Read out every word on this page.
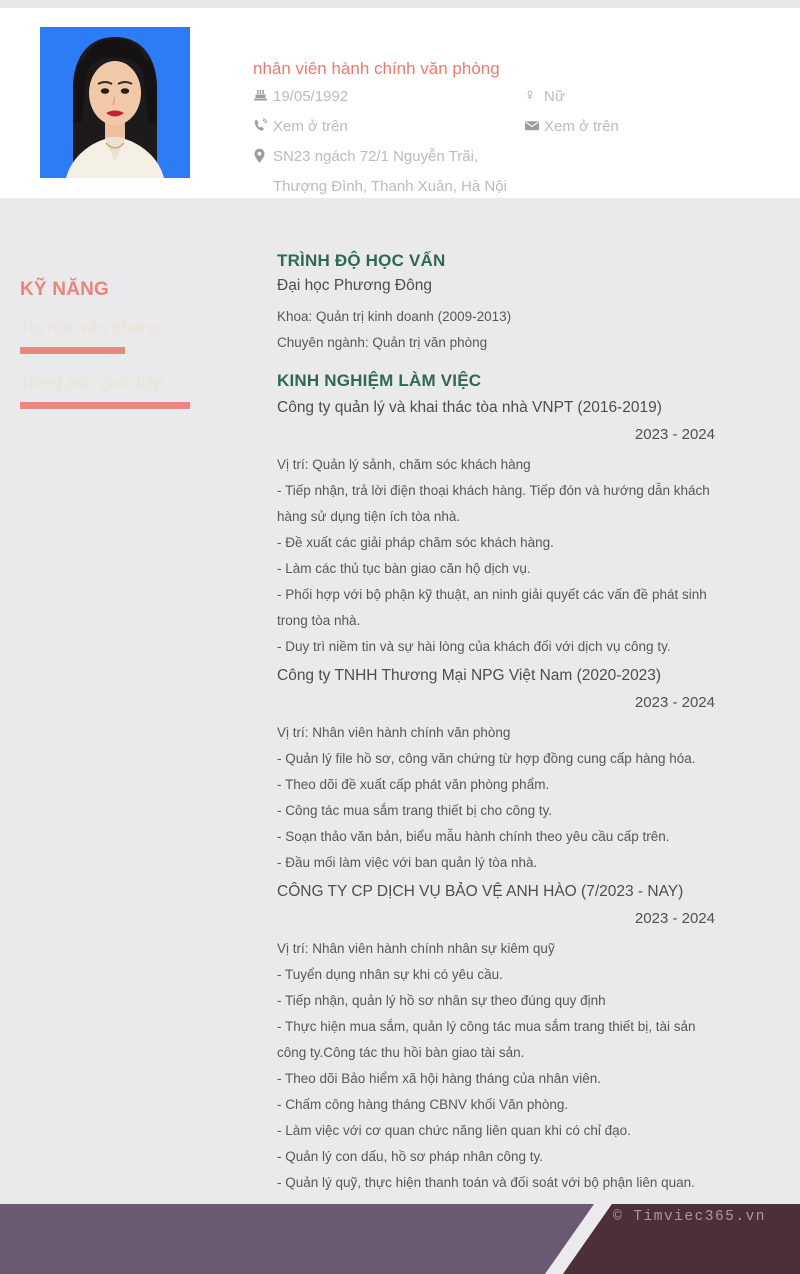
nhân viên hành chính văn phòng
19/05/1992	♀ Nữ
Xem ở trên	Xem ở trên
SN23 ngách 72/1 Nguyễn Trãi,
Thượng Đình, Thanh Xuân, Hà Nội
KỸ NĂNG
Tin học văn phòng
Tiếng anh giao tiếp
TRÌNH ĐỘ HỌC VẤN
Đại học Phương Đông
Khoa: Quản trị kinh doanh (2009-2013)
Chuyên ngành: Quản trị văn phòng
KINH NGHIỆM LÀM VIỆC
Công ty quản lý và khai thác tòa nhà VNPT (2016-2019)
2023 - 2024
Vị trí: Quản lý sảnh, chăm sóc khách hàng
- Tiếp nhận, trả lời điện thoại khách hàng. Tiếp đón và hướng dẫn khách hàng sử dụng tiện ích tòa nhà.
- Đề xuất các giải pháp chăm sóc khách hàng.
- Làm các thủ tục bàn giao căn hộ dịch vụ.
- Phối hợp với bộ phận kỹ thuật, an ninh giải quyết các vấn đề phát sinh trong tòa nhà.
- Duy trì niềm tin và sự hài lòng của khách đối với dịch vụ công ty.
Công ty TNHH Thương Mại NPG Việt Nam (2020-2023)
2023 - 2024
Vị trí: Nhân viên hành chính văn phòng
- Quản lý file hồ sơ, công văn chứng từ hợp đồng cung cấp hàng hóa.
- Theo dõi đề xuất cấp phát văn phòng phẩm.
- Công tác mua sắm trang thiết bị cho công ty.
- Soạn thảo văn bản, biểu mẫu hành chính theo yêu cầu cấp trên.
- Đầu mối làm việc với ban quản lý tòa nhà.
CÔNG TY CP DỊCH VỤ BẢO VỆ ANH HÀO (7/2023 - NAY)
2023 - 2024
Vị trí: Nhân viên hành chính nhân sự kiêm quỹ
- Tuyển dụng nhân sự khi có yêu cầu.
- Tiếp nhận, quản lý hồ sơ nhân sự theo đúng quy định
- Thực hiện mua sắm, quản lý công tác mua sắm trang thiết bị, tài sản công ty.Công tác thu hồi bàn giao tài sản.
- Theo dõi Bảo hiểm xã hội hàng tháng của nhân viên.
- Chấm công hàng tháng CBNV khối Văn phòng.
- Làm việc với cơ quan chức năng liên quan khi có chỉ đạo.
- Quản lý con dấu, hồ sơ pháp nhân công ty.
- Quản lý quỹ, thực hiện thanh toán và đối soát với bộ phận liên quan.
© Timviec365.vn
